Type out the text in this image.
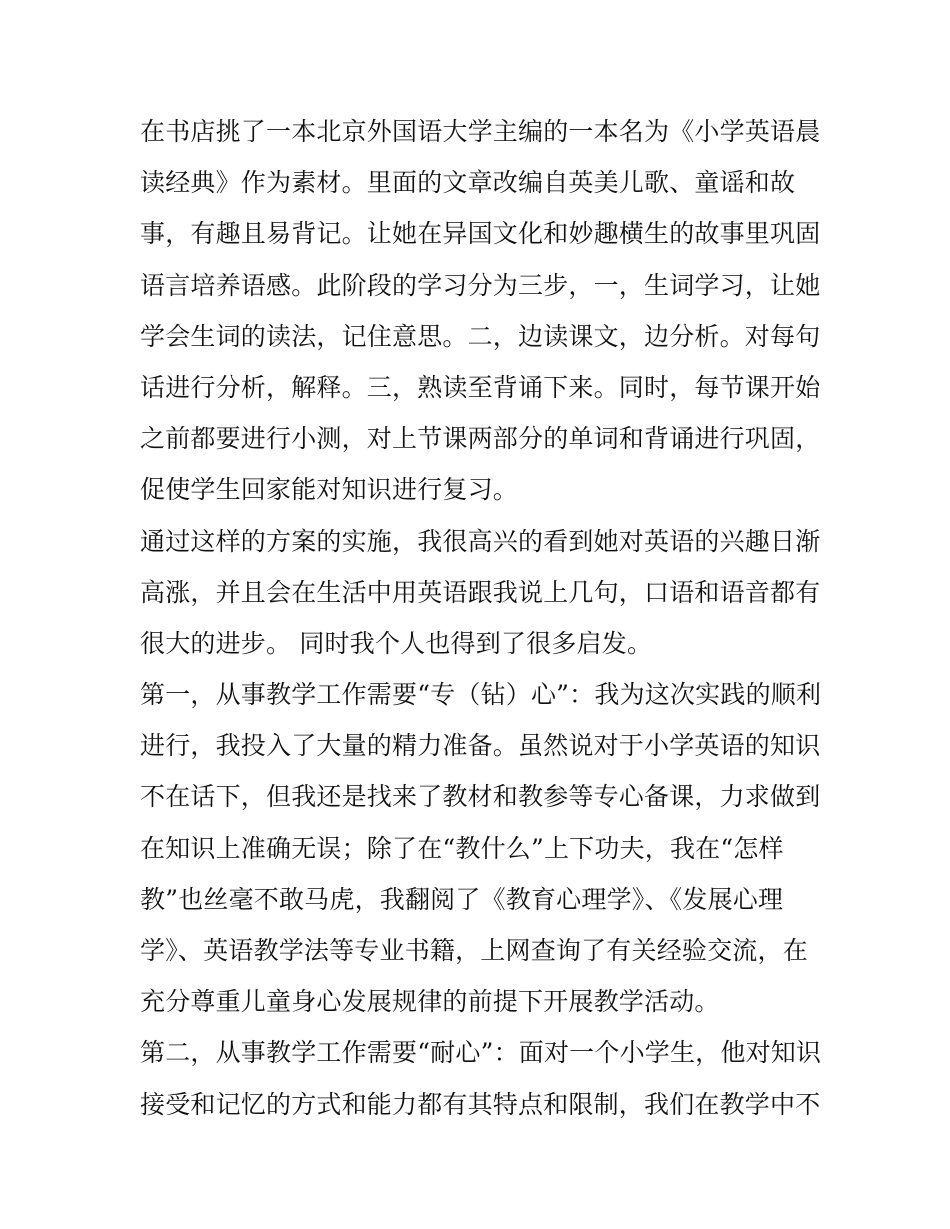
在书店挑了一本北京外国语大学主编的一本名为《小学英语晨
读经典》作为素材。里面的文章改编自英美儿歌、童谣和故
事，有趣且易背记。让她在异国文化和妙趣横生的故事里巩固
语言培养语感。此阶段的学习分为三步，一，生词学习，让她
学会生词的读法，记住意思。二，边读课文，边分析。对每句
话进行分析，解释。三，熟读至背诵下来。同时，每节课开始
之前都要进行小测，对上节课两部分的单词和背诵进行巩固，
促使学生回家能对知识进行复习。
通过这样的方案的实施，我很高兴的看到她对英语的兴趣日渐
高涨，并且会在生活中用英语跟我说上几句，口语和语音都有
很大的进步。 同时我个人也得到了很多启发。
第一，从事教学工作需要“专（钻）心”：我为这次实践的顺利
进行，我投入了大量的精力准备。虽然说对于小学英语的知识
不在话下，但我还是找来了教材和教参等专心备课，力求做到
在知识上准确无误；除了在“教什么”上下功夫，我在“怎样
教”也丝毫不敢马虎，我翻阅了《教育心理学》、《发展心理
学》、英语教学法等专业书籍，上网查询了有关经验交流，在
充分尊重儿童身心发展规律的前提下开展教学活动。
第二，从事教学工作需要“耐心”：面对一个小学生，他对知识
接受和记忆的方式和能力都有其特点和限制，我们在教学中不
